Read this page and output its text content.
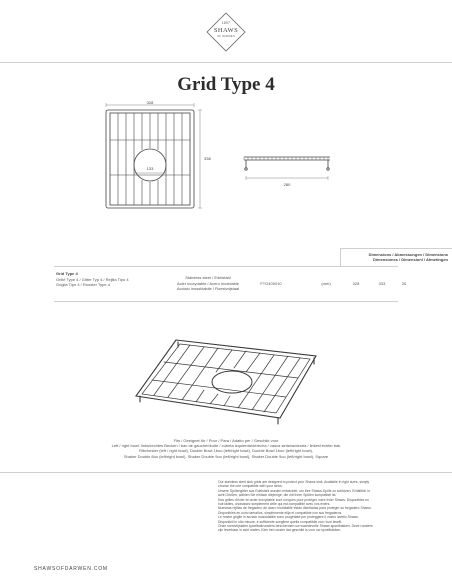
1897
SHAWS
OF DARWEN
Grid Type 4
328
338
133
280
Dimensions / Abmessungen / Dimensions
Dimensiones / Dimensioni / Afmetingen
Grid Type 4
Grillé Type 4 / Gitter Typ 4 / Rejilla Tipo 4
Griglia Tipo 4 / Rooster Type 4
Stainless steel / Edelstahl
Acier inoxydable / Acero inoxidable
Acciaio inossidabile / Roestvrijstaal
FTG400010	(mm)	328	333	26
Fits / Geeignet für / Pour / Para / Adatto per / Geschikt voor
Left / right bowl: links/rechtes Becken / bac de gauche/droite / cubeta izquierda/derecha / vasca sinistra/destra / linker/rechter bak
Ribchester (left / right bowl), Double Bowl 1boo (left/right bowl), Double Bowl 1boo (left/right bowl),
Shaker Double 8oo (left/right bowl), Shaker Double 9oo (left/right bowl), Shaker Double 9oo (left/right bowl), Square
Our stainless steel sink grids are designed to protect your Shaws sink. Available in right sizes, simply
choose the one compatible with your sinks.
Unsere Spülengitter aus Edelstahl wurden entwickelt, um Ihre Shaws-Spüle zu schützen. Erhältlich in
acht Größen, wählen Sie einfach diejenige, die mit Ihren Spülen kompatibel ist.
Nos grilles d'évier en acier inoxydable sont conçues pour protéger votre évier Shaws. Disponibles en
huit tailles, choisissez simplement celle qui est compatible avec vos éviers.
Nuestras rejillas de fregadero de acero inoxidable están diseñadas para proteger su fregadero Shaws.
Disponibles en ocho tamaños, simplemente elija el compatible con sus fregaderos.
Le nostre griglie in acciaio inossidabile sono progettate per proteggere il vostro lavello Shaws.
Disponibili in otto misure, è sufficiente scegliere quella compatibile con i tuoi lavelli.
Onze roestvrijstalen spoelbakroosters beschermen uw waardevolle Shaws spoelbakken. Deze roosters
zijn leverbaar in acht maten. Kies het rooster dat geschikt is voor uw spoelbakken.
SHAWSOFDARWEN.COM
